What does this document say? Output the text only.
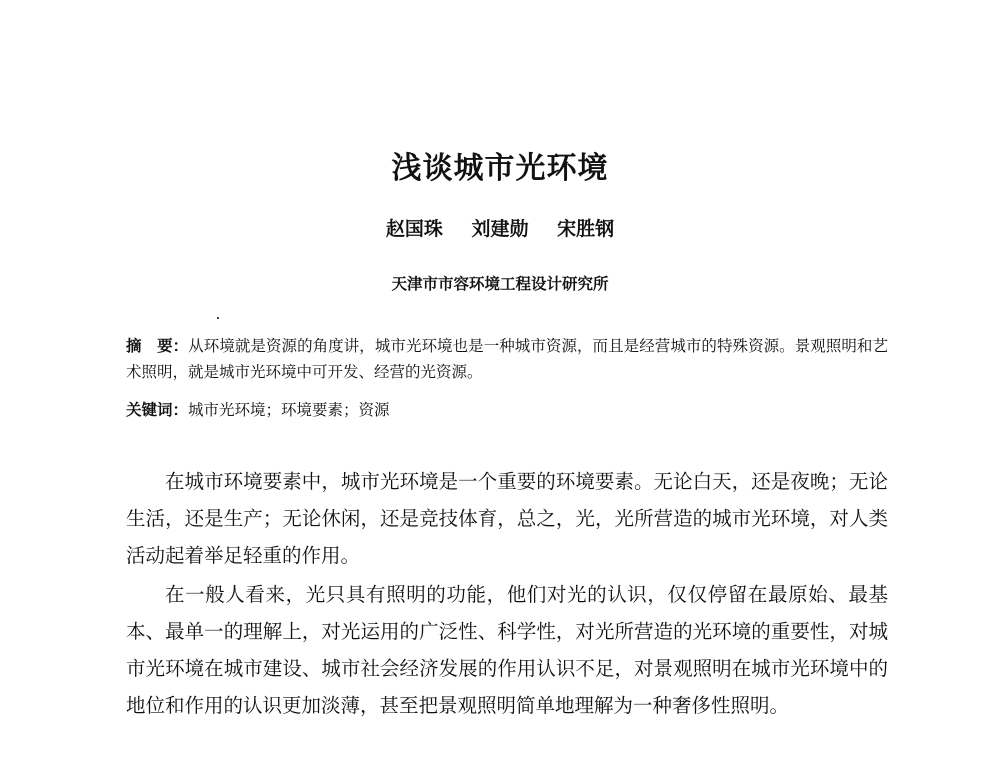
浅谈城市光环境
赵国珠 刘建勋 宋胜钢
天津市市容环境工程设计研究所
摘　要：从环境就是资源的角度讲，城市光环境也是一种城市资源，而且是经营城市的特殊资源。景观照明和艺术照明，就是城市光环境中可开发、经营的光资源。
关键词：城市光环境；环境要素；资源

在城市环境要素中，城市光环境是一个重要的环境要素。无论白天，还是夜晚；无论生活，还是生产；无论休闲，还是竞技体育，总之，光，光所营造的城市光环境，对人类活动起着举足轻重的作用。

在一般人看来，光只具有照明的功能，他们对光的认识，仅仅停留在最原始、最基本、最单一的理解上，对光运用的广泛性、科学性，对光所营造的光环境的重要性，对城市光环境在城市建设、城市社会经济发展的作用认识不足，对景观照明在城市光环境中的地位和作用的认识更加淡薄，甚至把景观照明简单地理解为一种奢侈性照明。
